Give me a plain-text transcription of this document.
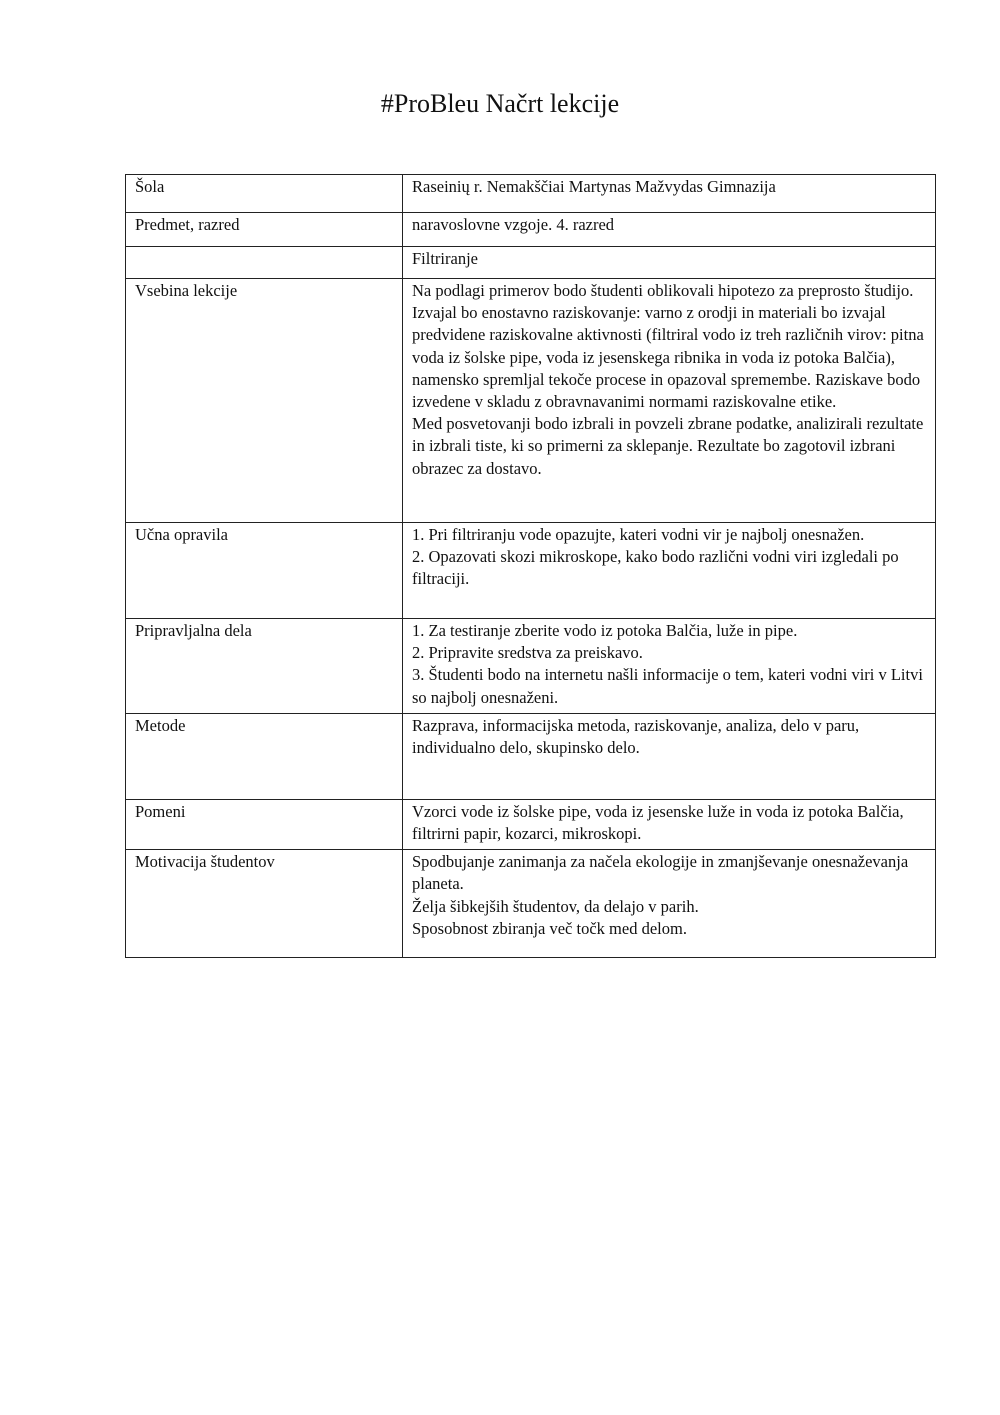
#ProBleu Načrt lekcije
Šola	Raseinių r. Nemakščiai Martynas Mažvydas Gimnazija
Predmet, razred	naravoslovne vzgoje. 4. razred
	Filtriranje
Vsebina lekcije	Na podlagi primerov bodo študenti oblikovali hipotezo za preprosto študijo.
Izvajal bo enostavno raziskovanje: varno z orodji in materiali bo izvajal predvidene raziskovalne aktivnosti (filtriral vodo iz treh različnih virov: pitna voda iz šolske pipe, voda iz jesenskega ribnika in voda iz potoka Balčia), namensko spremljal tekoče procese in opazoval spremembe. Raziskave bodo izvedene v skladu z obravnavanimi normami raziskovalne etike.
Med posvetovanji bodo izbrali in povzeli zbrane podatke, analizirali rezultate in izbrali tiste, ki so primerni za sklepanje. Rezultate bo zagotovil izbrani obrazec za dostavo.

Učna opravila	1. Pri filtriranju vode opazujte, kateri vodni vir je najbolj onesnažen.
2. Opazovati skozi mikroskope, kako bodo različni vodni viri izgledali po filtraciji.

Pripravljalna dela	1. Za testiranje zberite vodo iz potoka Balčia, luže in pipe.
2. Pripravite sredstva za preiskavo.
3. Študenti bodo na internetu našli informacije o tem, kateri vodni viri v Litvi so najbolj onesnaženi.

Metode	Razprava, informacijska metoda, raziskovanje, analiza, delo v paru, individualno delo, skupinsko delo.
Pomeni	Vzorci vode iz šolske pipe, voda iz jesenske luže in voda iz potoka Balčia, filtrirni papir, kozarci, mikroskopi.
Motivacija študentov	Spodbujanje zanimanja za načela ekologije in zmanjševanje onesnaževanja planeta.
Želja šibkejših študentov, da delajo v parih.
Sposobnost zbiranja več točk med delom.
